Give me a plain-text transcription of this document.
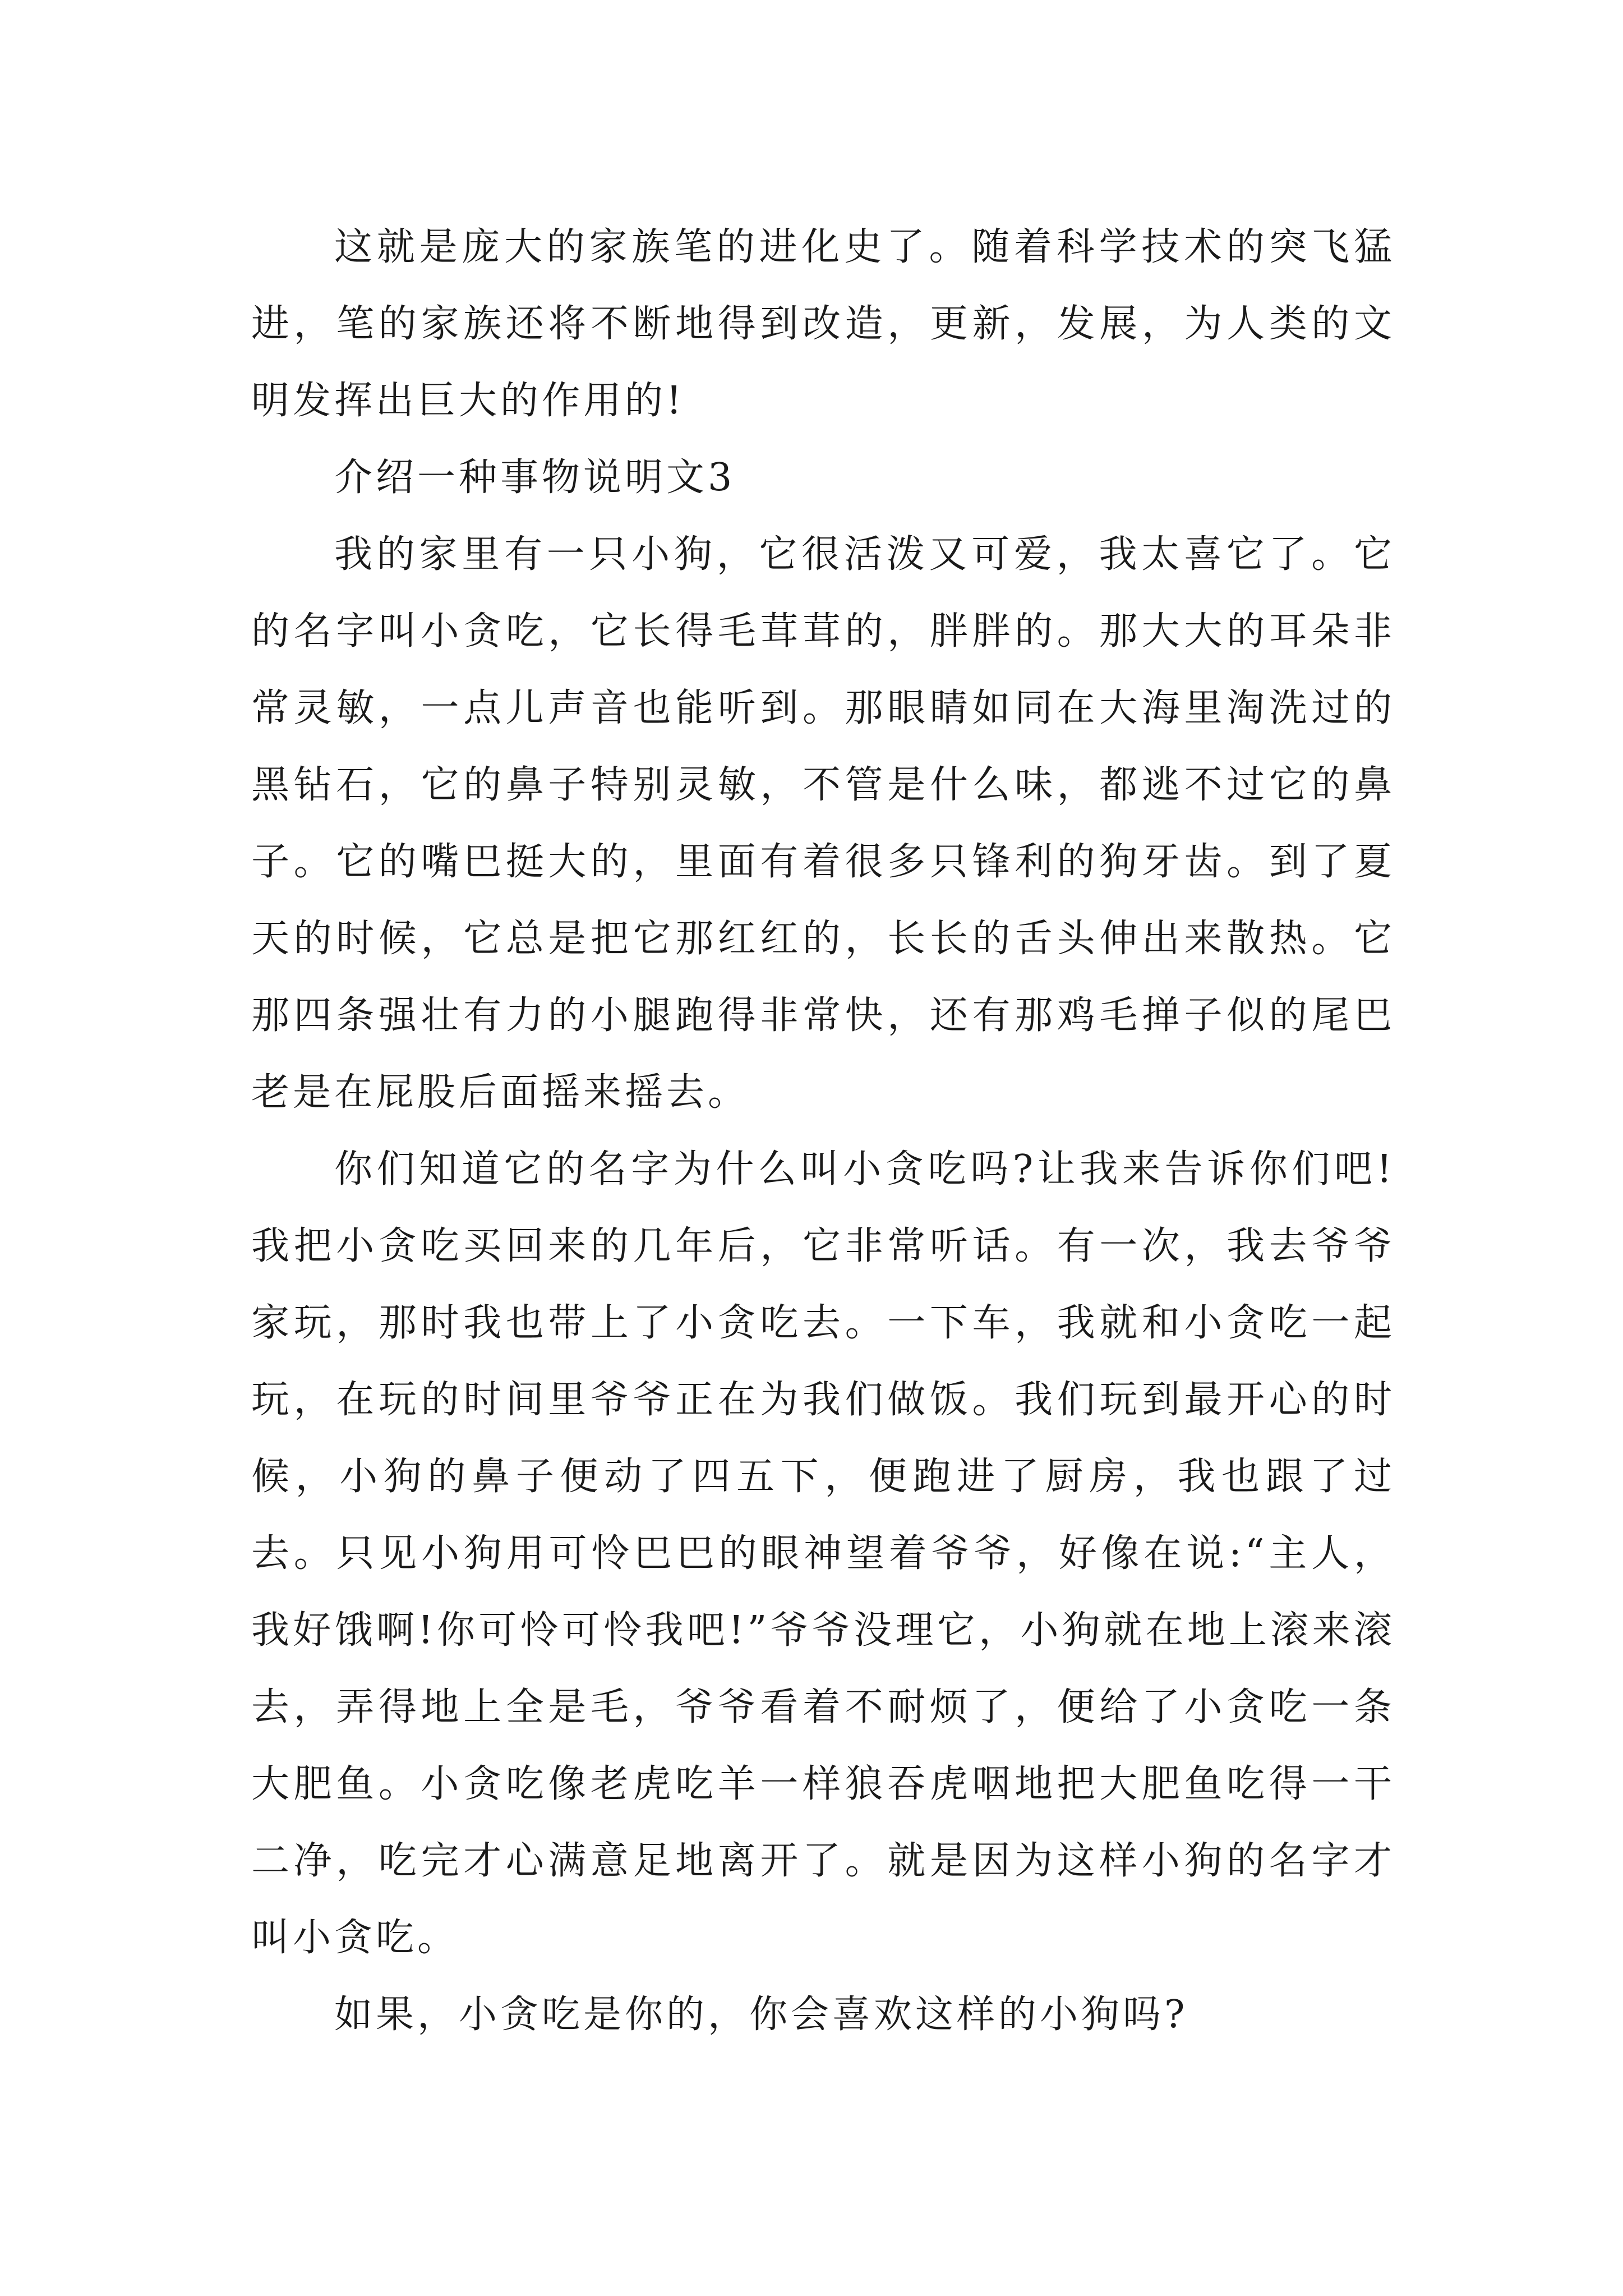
这就是庞大的家族笔的进化史了。随着科学技术的突飞猛进，笔的家族还将不断地得到改造，更新，发展，为人类的文明发挥出巨大的作用的!

介绍一种事物说明文3

我的家里有一只小狗，它很活泼又可爱，我太喜它了。它的名字叫小贪吃，它长得毛茸茸的，胖胖的。那大大的耳朵非常灵敏，一点儿声音也能听到。那眼睛如同在大海里淘洗过的黑钻石，它的鼻子特别灵敏，不管是什么味，都逃不过它的鼻子。它的嘴巴挺大的，里面有着很多只锋利的狗牙齿。到了夏天的时候，它总是把它那红红的，长长的舌头伸出来散热。它那四条强壮有力的小腿跑得非常快，还有那鸡毛掸子似的尾巴老是在屁股后面摇来摇去。

你们知道它的名字为什么叫小贪吃吗?让我来告诉你们吧!我把小贪吃买回来的几年后，它非常听话。有一次，我去爷爷家玩，那时我也带上了小贪吃去。一下车，我就和小贪吃一起玩，在玩的时间里爷爷正在为我们做饭。我们玩到最开心的时候，小狗的鼻子便动了四五下，便跑进了厨房，我也跟了过去。只见小狗用可怜巴巴的眼神望着爷爷，好像在说:“主人，我好饿啊!你可怜可怜我吧!”爷爷没理它，小狗就在地上滚来滚去，弄得地上全是毛，爷爷看着不耐烦了，便给了小贪吃一条大肥鱼。小贪吃像老虎吃羊一样狼吞虎咽地把大肥鱼吃得一干二净，吃完才心满意足地离开了。就是因为这样小狗的名字才叫小贪吃。

如果，小贪吃是你的，你会喜欢这样的小狗吗?
